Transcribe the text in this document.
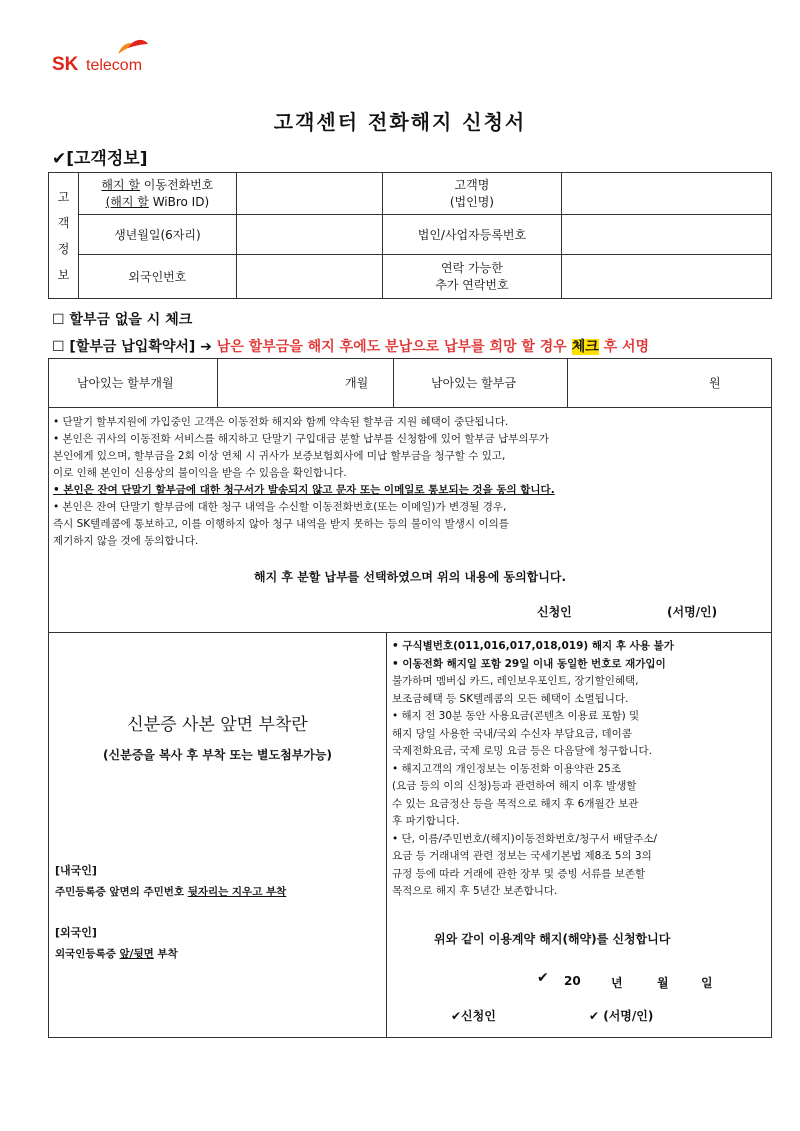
SK telecom
고객센터 전화해지 신청서
✔[고객정보]
고
객
정
보	해지 할 이동전화번호
(해지 할 WiBro ID)		고객명
(법인명)	
	생년월일(6자리)		법인/사업자등록번호	
	외국인번호		연락 가능한
추가 연락번호	
☐ 할부금 없을 시 체크
☐ [할부금 납입확약서] ➔ 남은 할부금을 해지 후에도 분납으로 납부를 희망 할 경우 체크 후 서명
남아있는 할부개월	개월	남아있는 할부금	원
• 단말기 할부지원에 가입중인 고객은 이동전화 해지와 함께 약속된 할부금 지원 혜택이 중단됩니다.
• 본인은 귀사의 이동전화 서비스를 해지하고 단말기 구입대금 분할 납부를 신청함에 있어 할부금 납부의무가
본인에게 있으며, 할부금을 2회 이상 연체 시 귀사가 보증보험회사에 미납 할부금을 청구할 수 있고,
이로 인해 본인이 신용상의 불이익을 받을 수 있음을 확인합니다.
• 본인은 잔여 단말기 할부금에 대한 청구서가 발송되지 않고 문자 또는 이메일로 통보되는 것을 동의 합니다.
• 본인은 잔여 단말기 할부금에 대한 청구 내역을 수신할 이동전화번호(또는 이메일)가 변경될 경우,
즉시 SK텔레콤에 통보하고, 이를 이행하지 않아 청구 내역을 받지 못하는 등의 불이익 발생시 이의를
제기하지 않을 것에 동의합니다.
해지 후 분할 납부를 선택하였으며 위의 내용에 동의합니다.
신청인	(서명/인)
신분증 사본 앞면 부착란
(신분증을 복사 후 부착 또는 별도첨부가능)
[내국인]
주민등록증 앞면의 주민번호 뒷자리는 지우고 부착
[외국인]
외국인등록증 앞/뒷면 부착
• 구식별번호(011,016,017,018,019) 해지 후 사용 불가
• 이동전화 해지일 포함 29일 이내 동일한 번호로 재가입이
불가하며 멤버십 카드, 레인보우포인트, 장기할인혜택,
보조금혜택 등 SK텔레콤의 모든 혜택이 소멸됩니다.
• 해지 전 30분 동안 사용요금(콘텐츠 이용료 포함) 및
해지 당일 사용한 국내/국외 수신자 부담요금, 데이콤
국제전화요금, 국제 로밍 요금 등은 다음달에 청구합니다.
• 해지고객의 개인정보는 이동전화 이용약관 25조
(요금 등의 이의 신청)등과 관련하여 해지 이후 발생할
수 있는 요금정산 등을 목적으로 해지 후 6개월간 보관
후 파기합니다.
• 단, 이름/주민번호/(해지)이동전화번호/청구서 배달주소/
요금 등 거래내역 관련 정보는 국세기본법 제8조 5의 3의
규정 등에 따라 거래에 관한 장부 및 증빙 서류를 보존할
목적으로 해지 후 5년간 보존합니다.
위와 같이 이용계약 해지(해약)를 신청합니다
✔ 20	년	월	일
✔신청인	✔ (서명/인)
